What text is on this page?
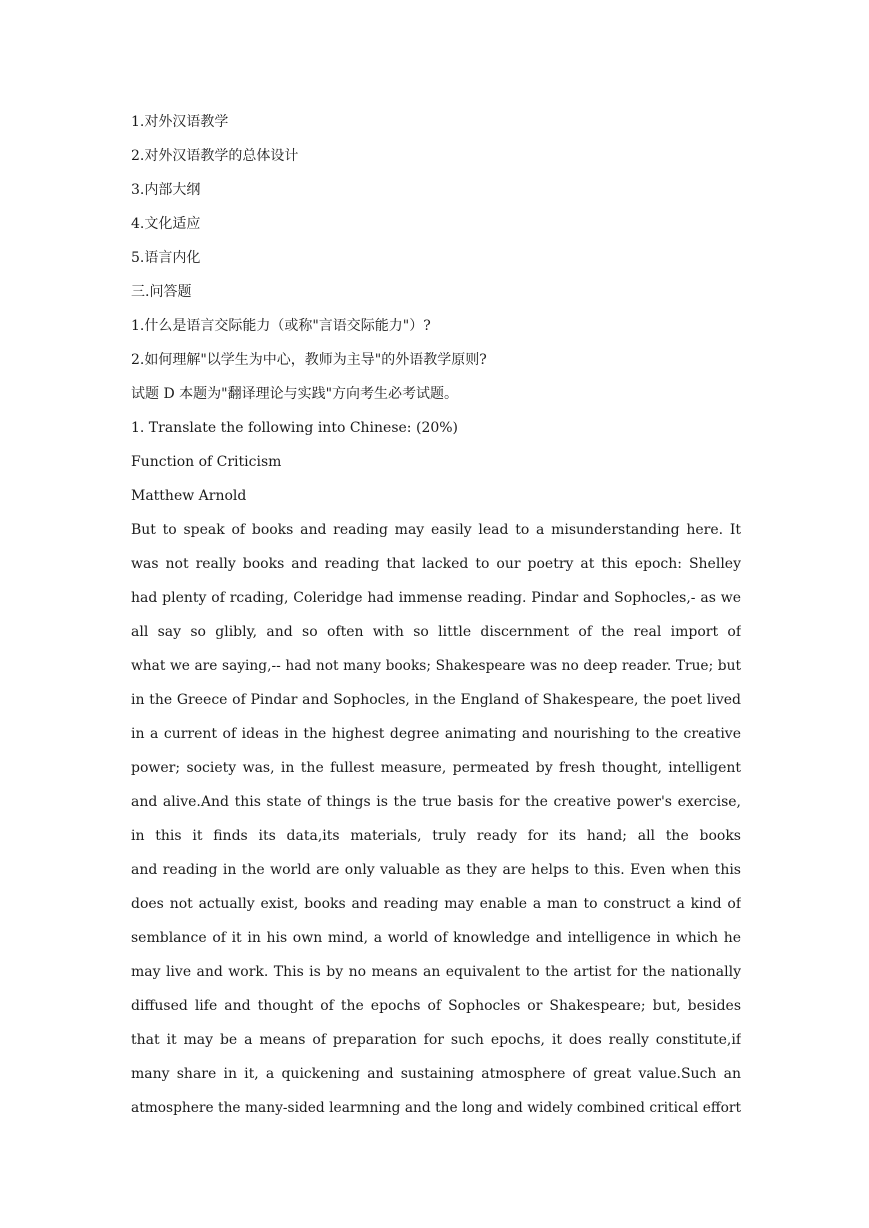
1.对外汉语教学
2.对外汉语教学的总体设计
3.内部大纲
4.文化适应
5.语言内化
三.问答题
1.什么是语言交际能力（或称"言语交际能力"）?
2.如何理解"以学生为中心，教师为主导"的外语教学原则?
试题 D 本题为"翻译理论与实践"方向考生必考试题。
1. Translate the following into Chinese: (20%)
Function of Criticism
Matthew Arnold
But to speak of books and reading may easily lead to a misunderstanding here. It
was not really books and reading that lacked to our poetry at this epoch: Shelley
had plenty of rcading, Coleridge had immense reading. Pindar and Sophocles,- as we
all say so glibly, and so often with so little discernment of the real import of
what we are saying,-- had not many books; Shakespeare was no deep reader. True; but
in the Greece of Pindar and Sophocles, in the England of Shakespeare, the poet lived
in a current of ideas in the highest degree animating and nourishing to the creative
power; society was, in the fullest measure, permeated by fresh thought, intelligent
and alive.And this state of things is the true basis for the creative power's exercise,
in this it finds its data,its materials, truly ready for its hand; all the books
and reading in the world are only valuable as they are helps to this. Even when this
does not actually exist, books and reading may enable a man to construct a kind of
semblance of it in his own mind, a world of knowledge and intelligence in which he
may live and work. This is by no means an equivalent to the artist for the nationally
diffused life and thought of the epochs of Sophocles or Shakespeare; but, besides
that it may be a means of preparation for such epochs, it does really constitute,if
many share in it, a quickening and sustaining atmosphere of great value.Such an
atmosphere the many-sided learmning and the long and widely combined critical effort
